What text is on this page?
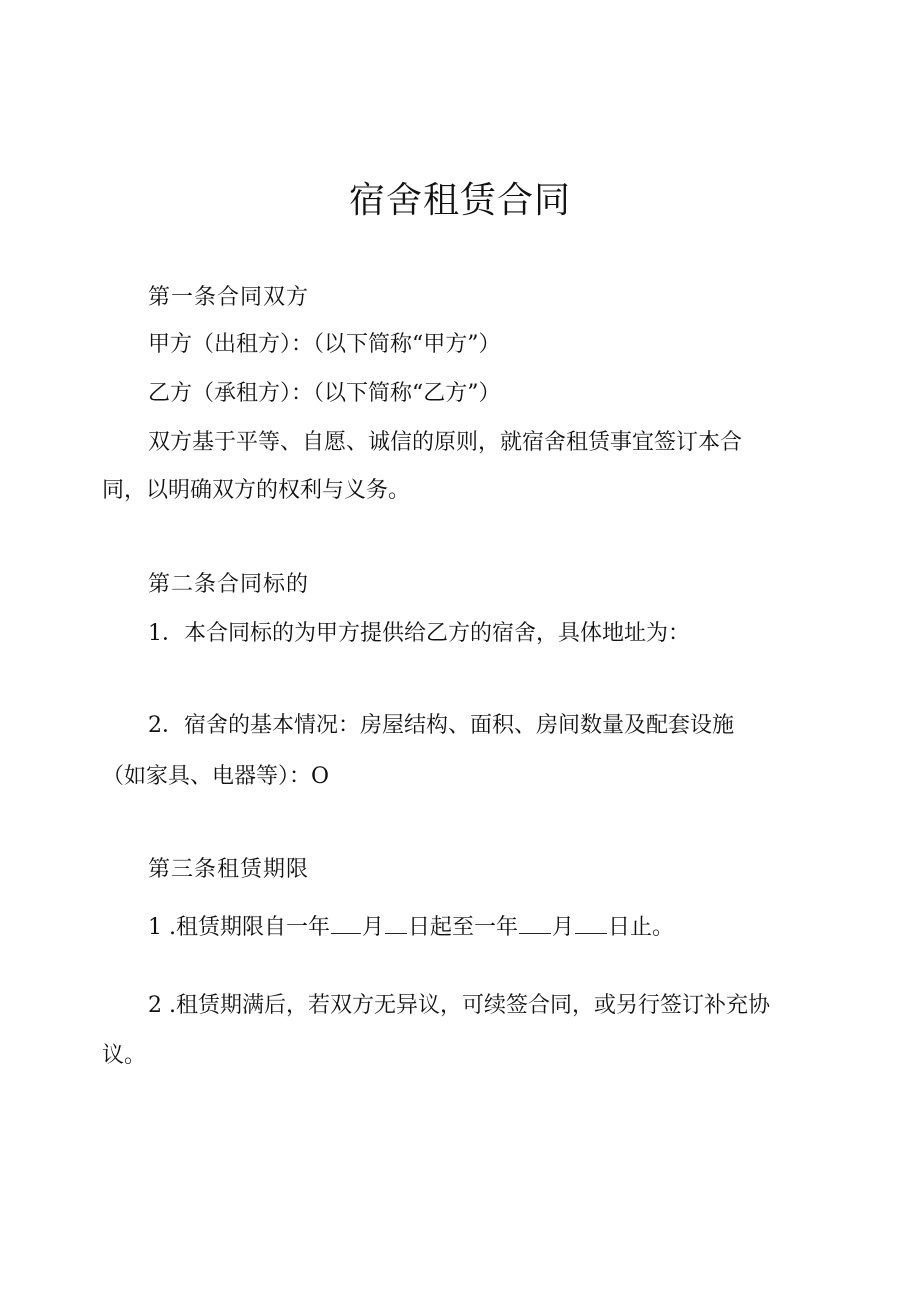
宿舍租赁合同
第一条合同双方
甲方（出租方）：（以下简称“甲方”）
乙方（承租方）：（以下简称“乙方”）
双方基于平等、自愿、诚信的原则，就宿舍租赁事宜签订本合
同，以明确双方的权利与义务。
第二条合同标的
1．本合同标的为甲方提供给乙方的宿舍，具体地址为：
2．宿舍的基本情况：房屋结构、面积、房间数量及配套设施
（如家具、电器等）：O
第三条租赁期限
1 .租赁期限自一年 月 日起至一年 月 日止。
2 .租赁期满后，若双方无异议，可续签合同，或另行签订补充协
议。
